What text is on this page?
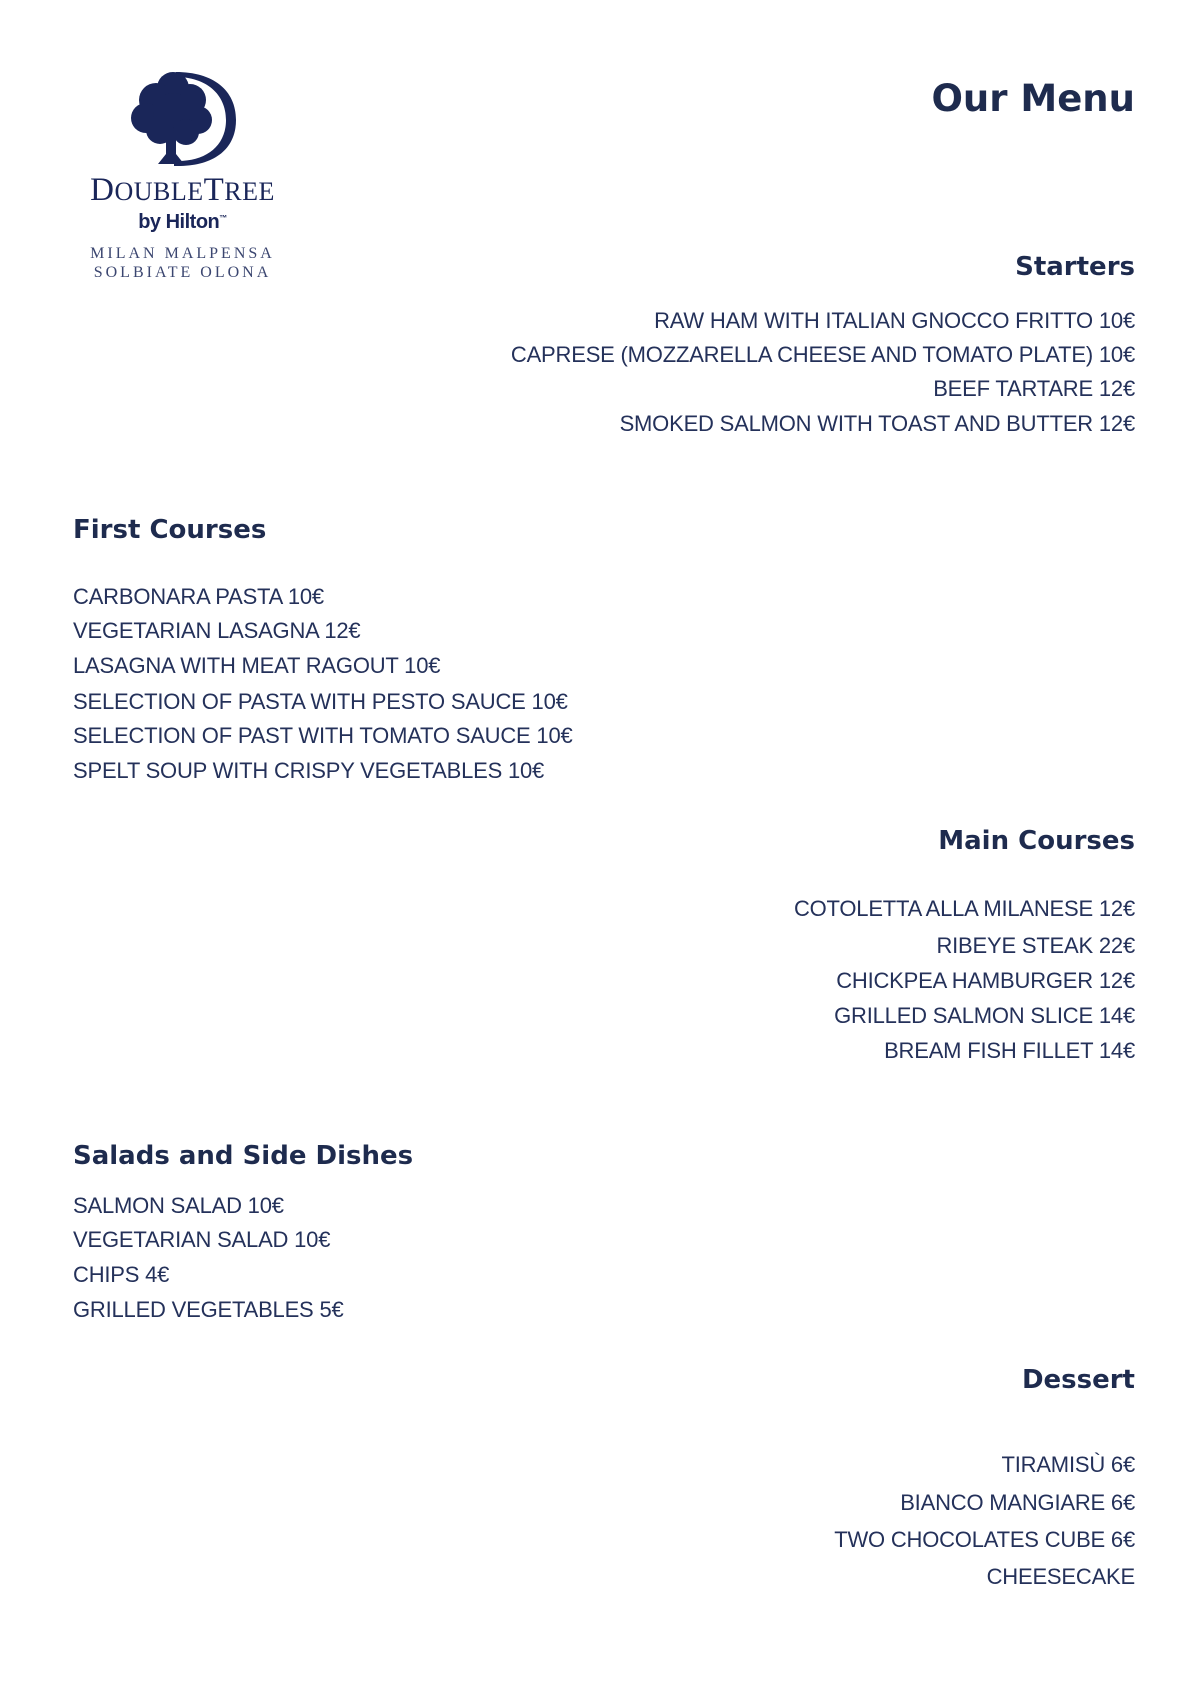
DOUBLETREE
by Hilton™
MILAN MALPENSA
SOLBIATE OLONA
Our Menu
Starters
RAW HAM WITH ITALIAN GNOCCO FRITTO 10€
CAPRESE (MOZZARELLA CHEESE AND TOMATO PLATE) 10€
BEEF TARTARE 12€
SMOKED SALMON WITH TOAST AND BUTTER 12€
First Courses
CARBONARA PASTA 10€
VEGETARIAN LASAGNA 12€
LASAGNA WITH MEAT RAGOUT 10€
SELECTION OF PASTA WITH PESTO SAUCE 10€
SELECTION OF PAST WITH TOMATO SAUCE 10€
SPELT SOUP WITH CRISPY VEGETABLES 10€
Main Courses
COTOLETTA ALLA MILANESE 12€
RIBEYE STEAK 22€
CHICKPEA HAMBURGER 12€
GRILLED SALMON SLICE 14€
BREAM FISH FILLET 14€
Salads and Side Dishes
SALMON SALAD 10€
VEGETARIAN SALAD 10€
CHIPS 4€
GRILLED VEGETABLES 5€
Dessert
TIRAMISÙ 6€
BIANCO MANGIARE 6€
TWO CHOCOLATES CUBE 6€
CHEESECAKE
